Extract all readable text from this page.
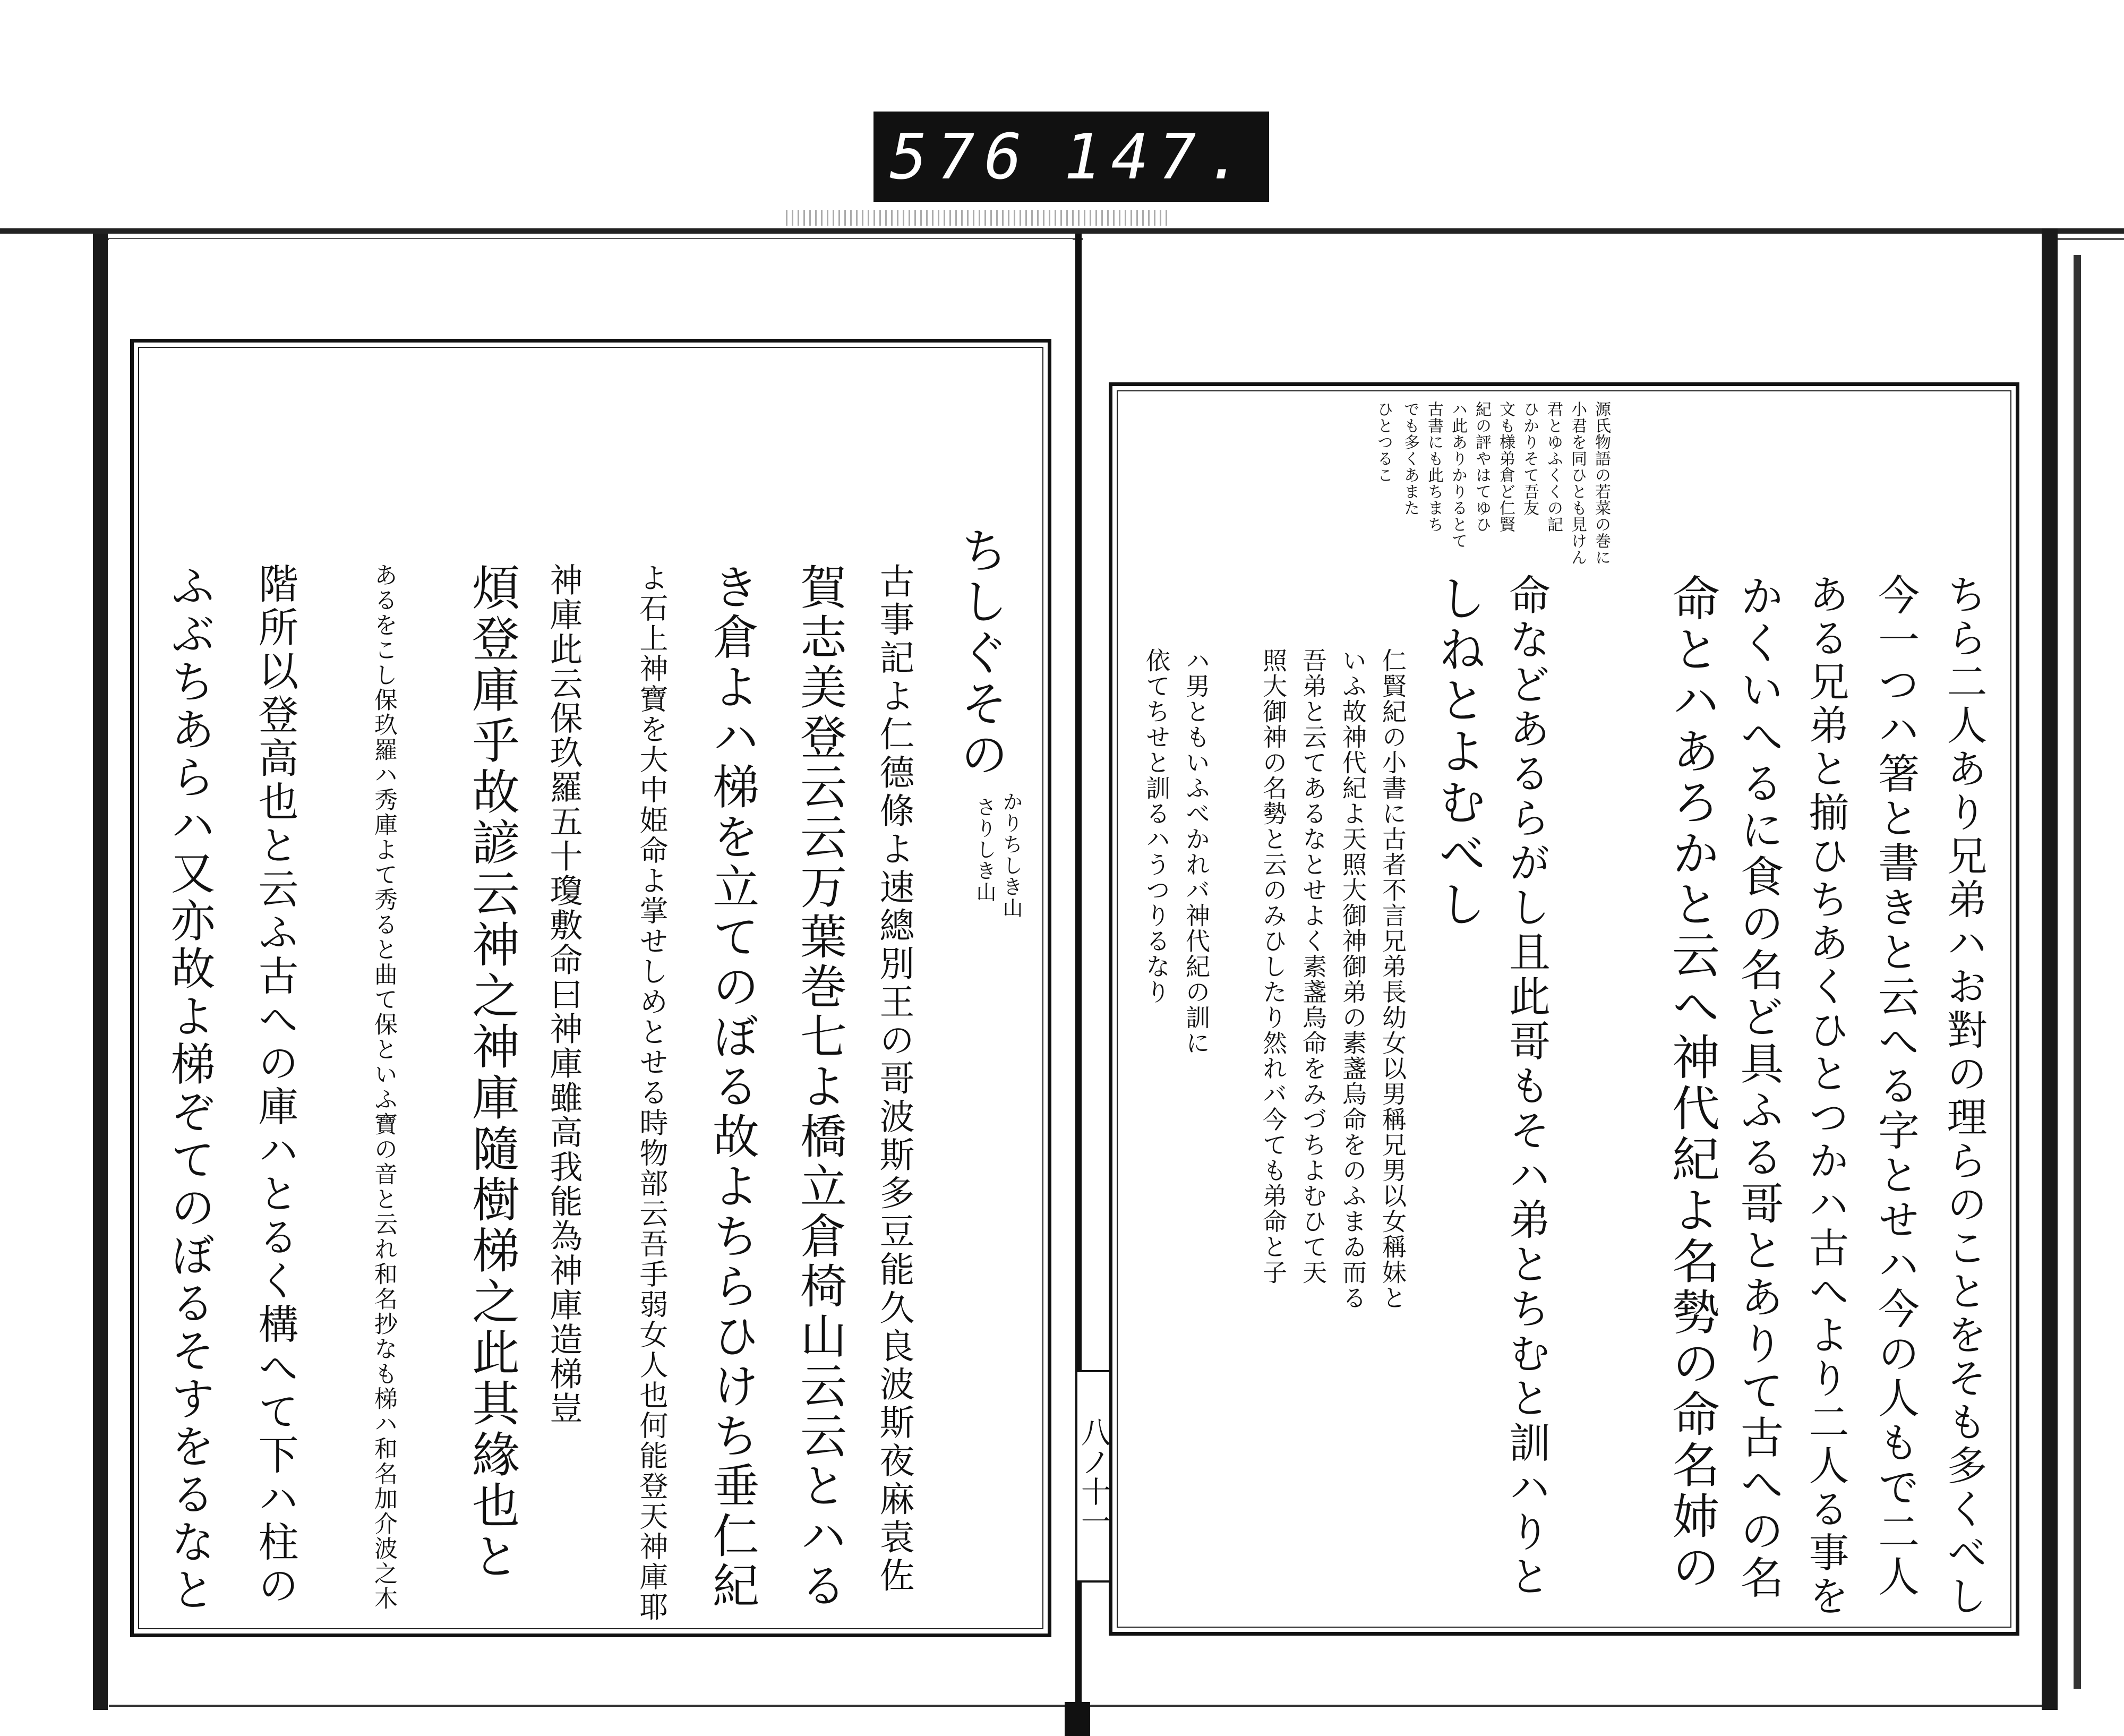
576 147.
八ノ十一
源氏物語の若菜の巻に
小君を同ひとも見けん
君とゆふくくの記
ひかりそて吾友
文も様弟倉ど仁賢
紀の評やはてゆひ
ハ此ありかりるとて
古書にも此ちまち
でも多くあまた
ひとつるこ
ちら二人あり兄弟ハお對の理らのことをそも多くべし
今一つハ箸と書きと云へる字とせハ今の人もで二人
ある兄弟と揃ひちあくひとつかハ古へより二人る事を
かくいへるに食の名ど具ふる哥とありて古への名
命とハあろかと云へ神代紀よ名勢の命名姉の
命などあるらがし且此哥もそハ弟とちむと訓ハりと
しねとよむべし
仁賢紀の小書に古者不言兄弟長幼女以男稱兄男以女稱妹と
いふ故神代紀よ天照大御神御弟の素盞烏命をのふまゐ而る
吾弟と云てあるなとせよく素盞烏命をみづちよむひて天
照大御神の名勢と云のみひしたり然れバ今ても弟命と子
ハ男ともいふべかれバ神代紀の訓に
依てちせと訓るハうつりるなり
ちしぐその
かりちしき山
さりしき山
古事記よ仁德條よ速總別王の哥波斯多豆能久良波斯夜麻袁佐
賀志美登云云万葉巻七よ橋立倉椅山云云とハる
き倉よハ梯を立てのぼる故よちらひけち垂仁紀
よ石上神寶を大中姫命よ掌せしめとせる時物部云吾手弱女人也何能登天神庫耶
神庫此云保玖羅五十瓊敷命曰神庫雖高我能為神庫造梯豈
煩登庫乎故諺云神之神庫隨樹梯之此其緣也と
あるをこし保玖羅ハ秀庫よて秀ると曲て保といふ寶の音と云れ和名抄なも梯ハ和名加介波之木
階所以登高也と云ふ古への庫ハとるく構へて下ハ柱の
ふぶちあらハ又亦故よ梯ぞてのぼるそすをるなと
